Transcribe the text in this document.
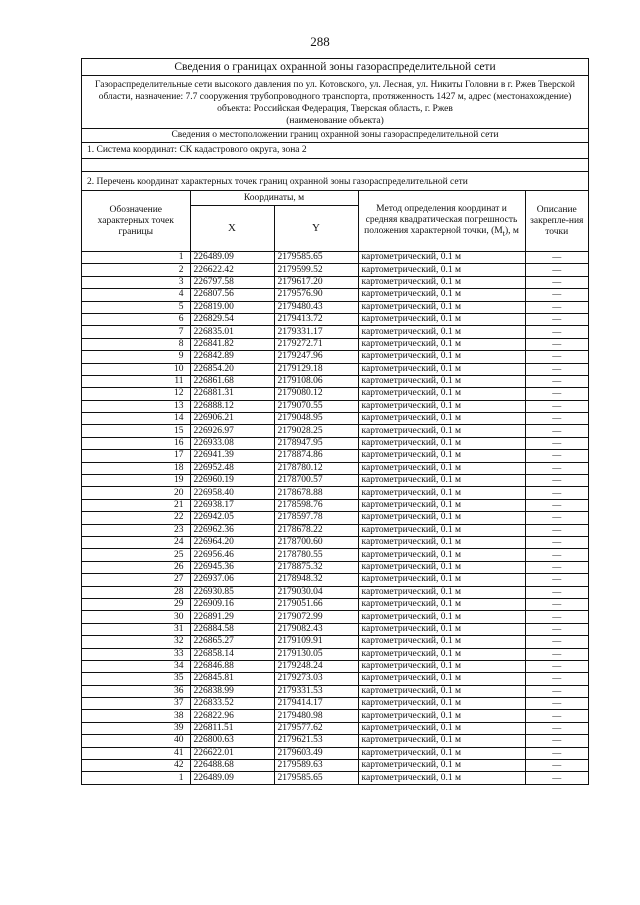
288
Сведения о границах охранной зоны газораспределительной сети
Газораспределительные сети высокого давления по ул. Котовского, ул. Лесная, ул. Никиты Головни в г. Ржев Тверской области, назначение: 7.7 сооружения трубопроводного транспорта, протяженность 1427 м, адрес (местонахождение) объекта: Российская Федерация, Тверская область, г. Ржев
(наименование объекта)
Сведения о местоположении границ охранной зоны газораспределительной сети
1. Система координат: СК кадастрового округа, зона 2
2. Перечень координат характерных точек границ охранной зоны газораспределительной сети
Обозначение характерных точек границы	Координаты, м		Метод определения координат и средняя квадратическая погрешность положения характерной точки, $(M_t)$, м	Описание закрепле-ния точки
	X	Y		
1	226489.09	2179585.65	картометрический, 0.1 м	—
2	226622.42	2179599.52	картометрический, 0.1 м	—
3	226797.58	2179617.20	картометрический, 0.1 м	—
4	226807.56	2179576.90	картометрический, 0.1 м	—
5	226819.00	2179480.43	картометрический, 0.1 м	—
6	226829.54	2179413.72	картометрический, 0.1 м	—
7	226835.01	2179331.17	картометрический, 0.1 м	—
8	226841.82	2179272.71	картометрический, 0.1 м	—
9	226842.89	2179247.96	картометрический, 0.1 м	—
10	226854.20	2179129.18	картометрический, 0.1 м	—
11	226861.68	2179108.06	картометрический, 0.1 м	—
12	226881.31	2179080.12	картометрический, 0.1 м	—
13	226888.12	2179070.55	картометрический, 0.1 м	—
14	226906.21	2179048.95	картометрический, 0.1 м	—
15	226926.97	2179028.25	картометрический, 0.1 м	—
16	226933.08	2178947.95	картометрический, 0.1 м	—
17	226941.39	2178874.86	картометрический, 0.1 м	—
18	226952.48	2178780.12	картометрический, 0.1 м	—
19	226960.19	2178700.57	картометрический, 0.1 м	—
20	226958.40	2178678.88	картометрический, 0.1 м	—
21	226938.17	2178598.76	картометрический, 0.1 м	—
22	226942.05	2178597.78	картометрический, 0.1 м	—
23	226962.36	2178678.22	картометрический, 0.1 м	—
24	226964.20	2178700.60	картометрический, 0.1 м	—
25	226956.46	2178780.55	картометрический, 0.1 м	—
26	226945.36	2178875.32	картометрический, 0.1 м	—
27	226937.06	2178948.32	картометрический, 0.1 м	—
28	226930.85	2179030.04	картометрический, 0.1 м	—
29	226909.16	2179051.66	картометрический, 0.1 м	—
30	226891.29	2179072.99	картометрический, 0.1 м	—
31	226884.58	2179082.43	картометрический, 0.1 м	—
32	226865.27	2179109.91	картометрический, 0.1 м	—
33	226858.14	2179130.05	картометрический, 0.1 м	—
34	226846.88	2179248.24	картометрический, 0.1 м	—
35	226845.81	2179273.03	картометрический, 0.1 м	—
36	226838.99	2179331.53	картометрический, 0.1 м	—
37	226833.52	2179414.17	картометрический, 0.1 м	—
38	226822.96	2179480.98	картометрический, 0.1 м	—
39	226811.51	2179577.62	картометрический, 0.1 м	—
40	226800.63	2179621.53	картометрический, 0.1 м	—
41	226622.01	2179603.49	картометрический, 0.1 м	—
42	226488.68	2179589.63	картометрический, 0.1 м	—
1	226489.09	2179585.65	картометрический, 0.1 м	—
